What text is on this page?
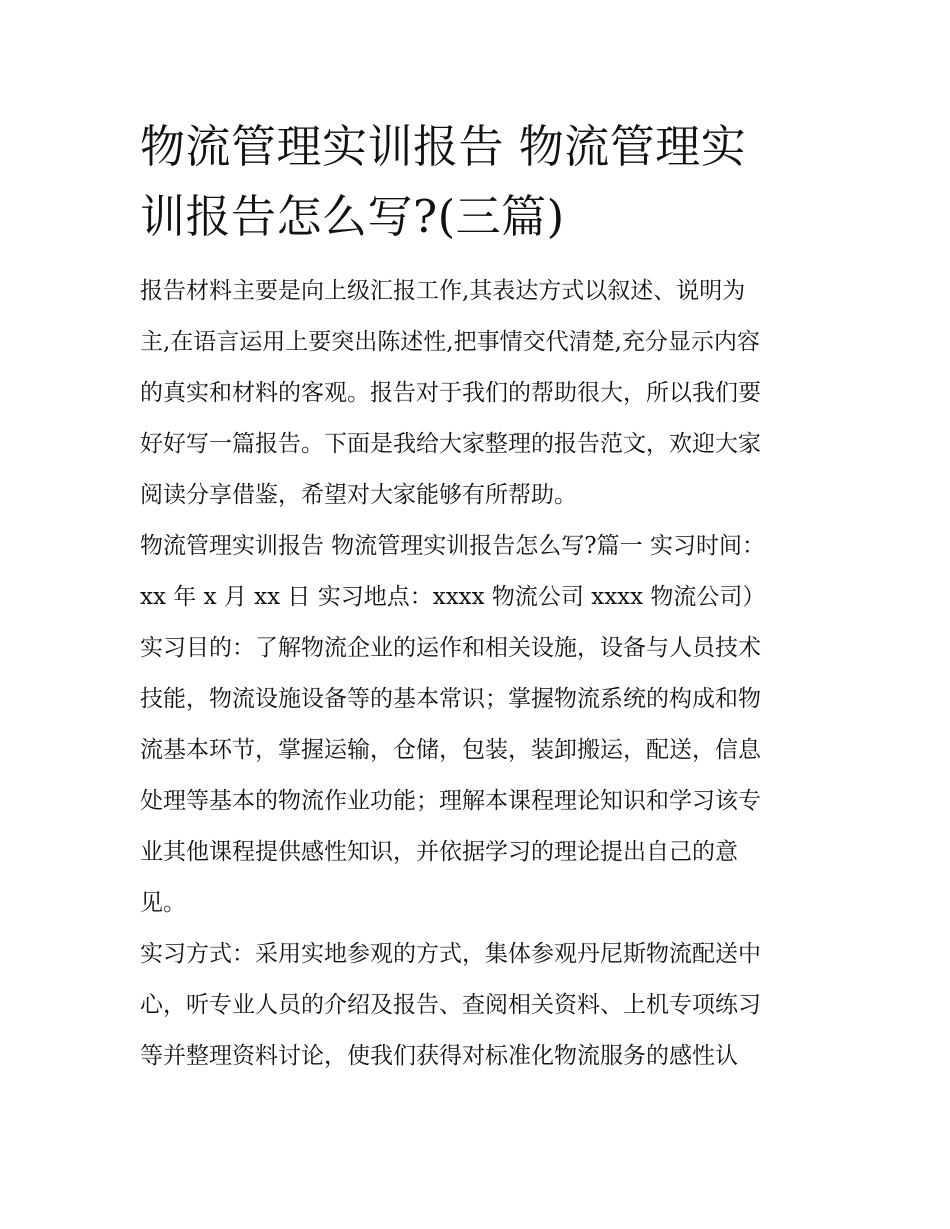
物流管理实训报告 物流管理实
训报告怎么写?(三篇)
报告材料主要是向上级汇报工作,其表达方式以叙述、说明为
主,在语言运用上要突出陈述性,把事情交代清楚,充分显示内容
的真实和材料的客观。报告对于我们的帮助很大，所以我们要
好好写一篇报告。下面是我给大家整理的报告范文，欢迎大家
阅读分享借鉴，希望对大家能够有所帮助。
物流管理实训报告 物流管理实训报告怎么写?篇一 实习时间：
xx 年 x 月 xx 日 实习地点：xxxx 物流公司 xxxx 物流公司）
实习目的：了解物流企业的运作和相关设施，设备与人员技术
技能，物流设施设备等的基本常识；掌握物流系统的构成和物
流基本环节，掌握运输，仓储，包装，装卸搬运，配送，信息
处理等基本的物流作业功能；理解本课程理论知识和学习该专
业其他课程提供感性知识，并依据学习的理论提出自己的意
见。
实习方式：采用实地参观的方式，集体参观丹尼斯物流配送中
心，听专业人员的介绍及报告、查阅相关资料、上机专项练习
等并整理资料讨论，使我们获得对标准化物流服务的感性认
